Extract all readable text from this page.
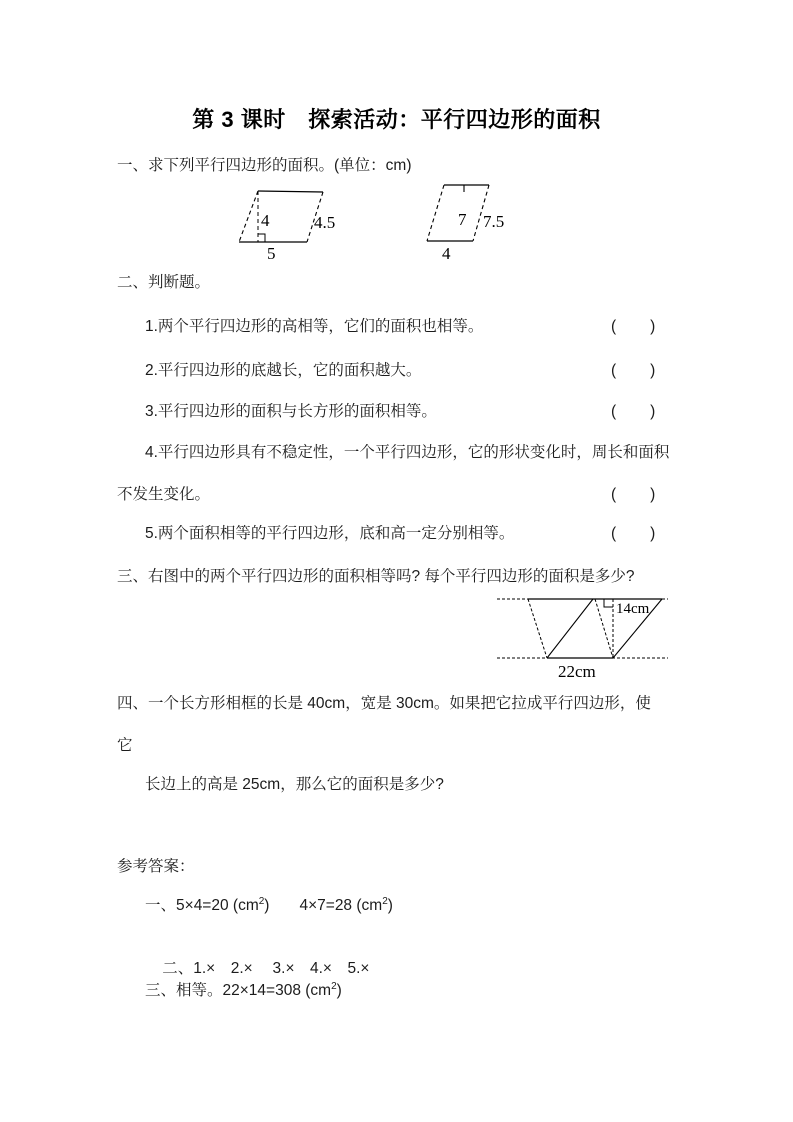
第 3 课时　探索活动：平行四边形的面积
一、求下列平行四边形的面积。(单位：cm)
4	4.5
5
7 7.5
4
二、判断题。
1.两个平行四边形的高相等，它们的面积也相等。	(　　)
2.平行四边形的底越长，它的面积越大。	(　　)
3.平行四边形的面积与长方形的面积相等。	(　　)
4.平行四边形具有不稳定性，一个平行四边形，它的形状变化时，周长和面积
不发生变化。	(　　)
5.两个面积相等的平行四边形，底和高一定分别相等。	(　　)
三、右图中的两个平行四边形的面积相等吗? 每个平行四边形的面积是多少?
14cm
22cm
四、一个长方形相框的长是 40cm，宽是 30cm。如果把它拉成平行四边形，使
它
长边上的高是 25cm，那么它的面积是多少?
参考答案：
一、5×4=20 $(cm^2)$ 4×7=28 $(cm^2)$

二、1.×　2.×　 3.×　4.×　5.×

三、相等。22×14=308 $(cm^2)$
